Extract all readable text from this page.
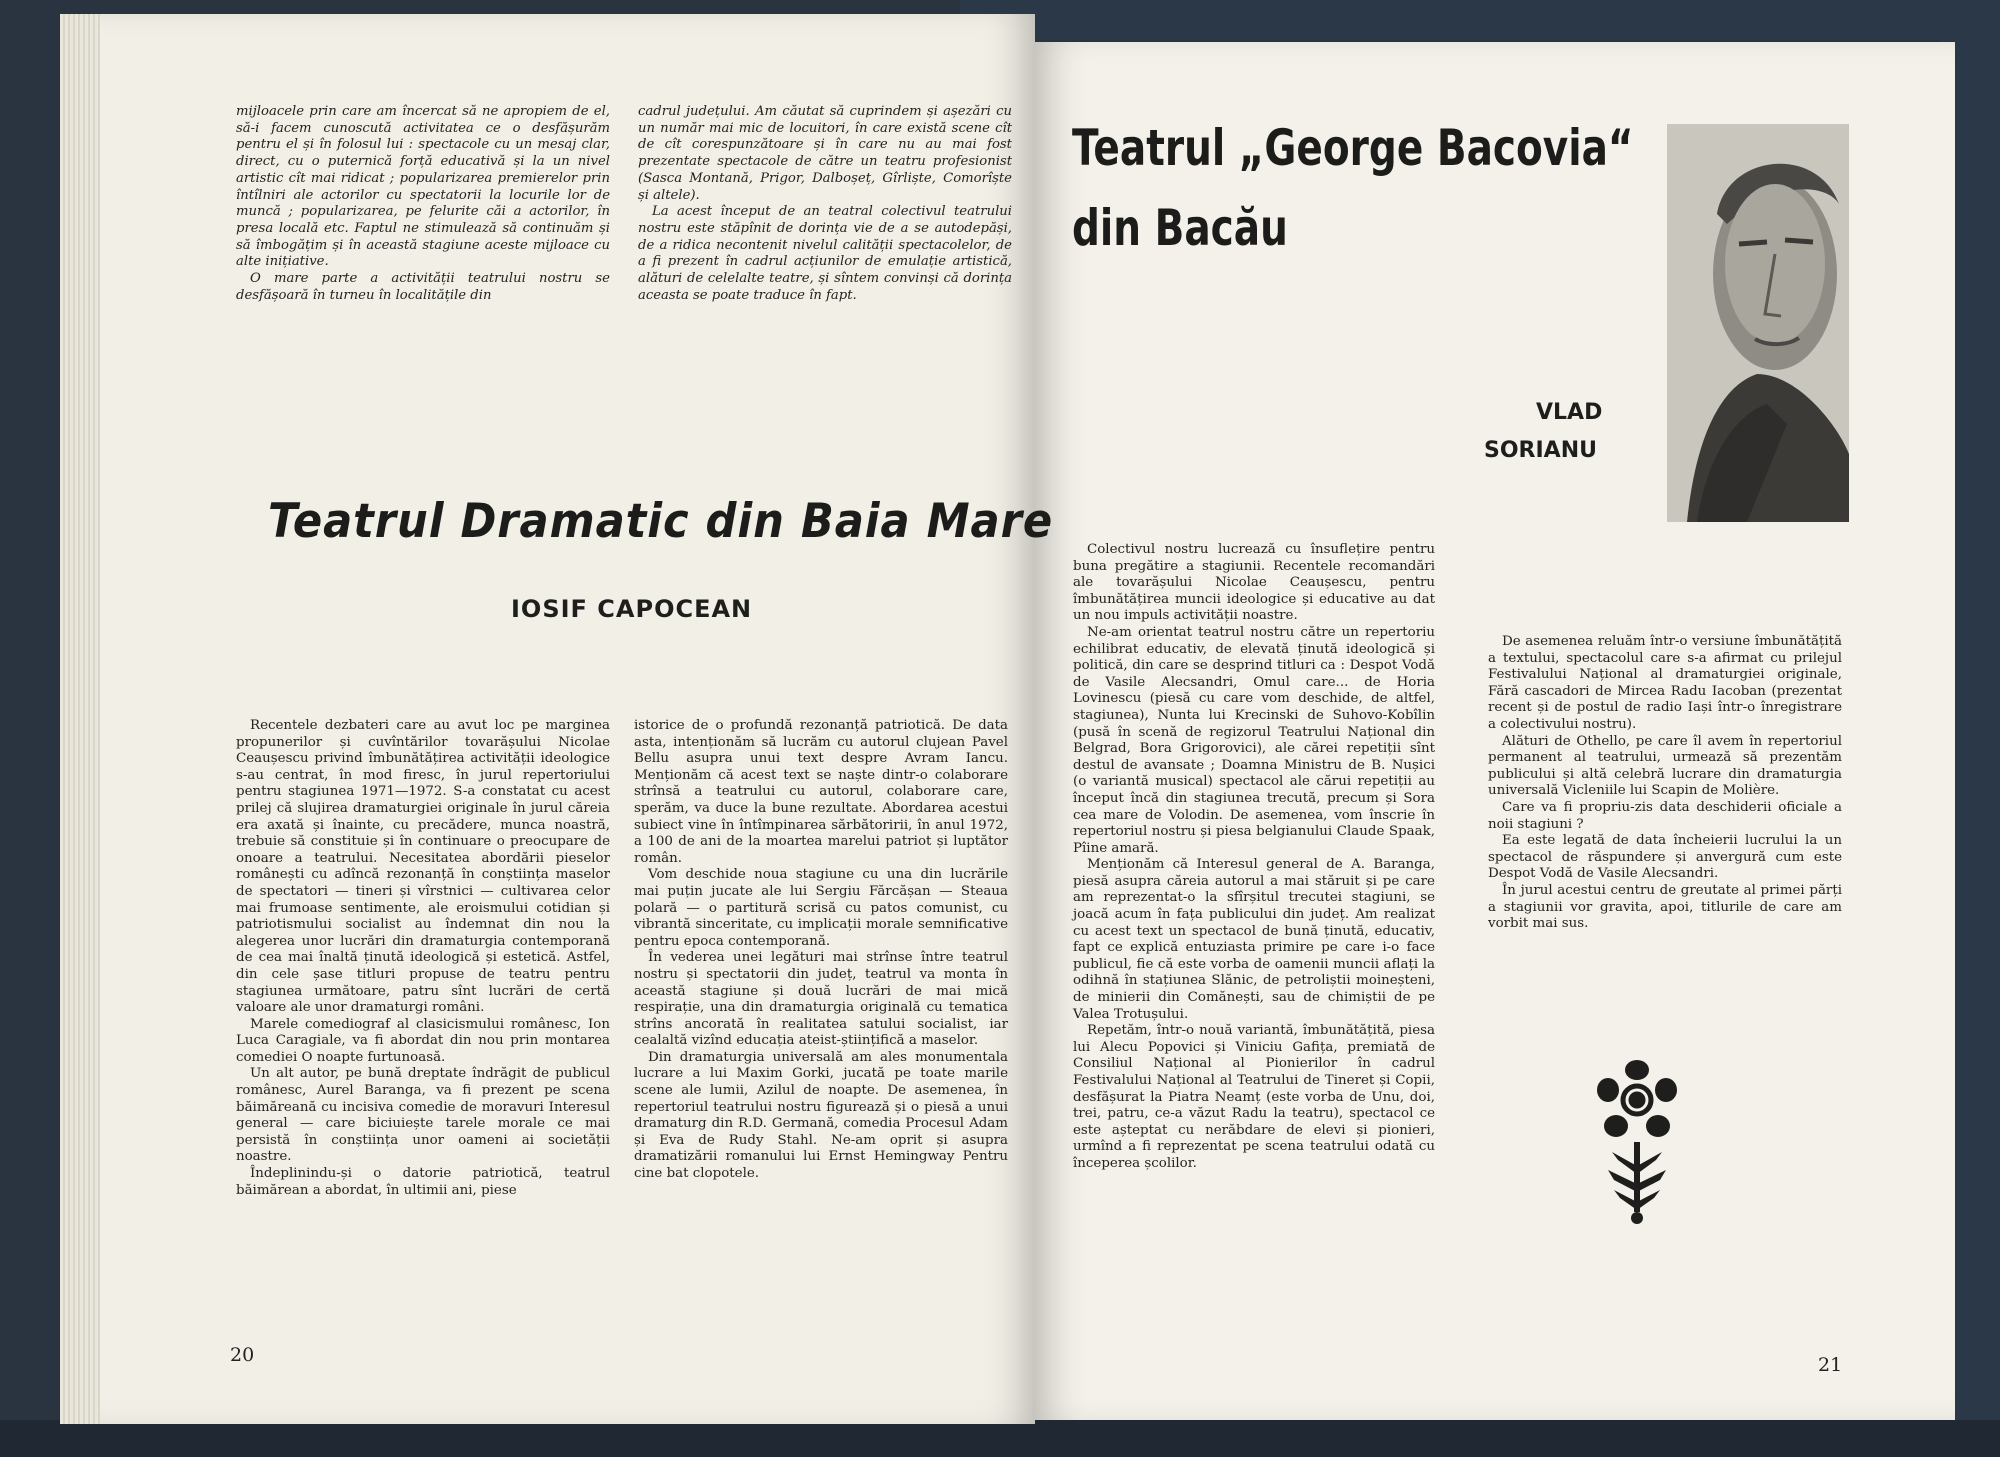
mijloacele prin care am încercat să ne apropiem de el, să-i facem cunoscută activitatea ce o desfășurăm pentru el și în folosul lui : spectacole cu un mesaj clar, direct, cu o puternică forță educativă și la un nivel artistic cît mai ridicat ; popularizarea premierelor prin întîlniri ale actorilor cu spectatorii la locurile lor de muncă ; popularizarea, pe felurite căi a actorilor, în presa locală etc. Faptul ne stimulează să continuăm și să îmbogățim și în această stagiune aceste mijloace cu alte inițiative.

O mare parte a activității teatrului nostru se desfășoară în turneu în localitățile din

cadrul județului. Am căutat să cuprindem și așezări cu un număr mai mic de locuitori, în care există scene cît de cît corespunzătoare și în care nu au mai fost prezentate spectacole de către un teatru profesionist (Sasca Montană, Prigor, Dalboșeț, Gîrliște, Comorîște și altele).

La acest început de an teatral colectivul teatrului nostru este stăpînit de dorința vie de a se autodepăși, de a ridica necontenit nivelul calității spectacolelor, de a fi prezent în cadrul acțiunilor de emulație artistică, alături de celelalte teatre, și sîntem convinși că dorința aceasta se poate traduce în fapt.

Teatrul Dramatic din Baia Mare
IOSIF CAPOCEAN

Recentele dezbateri care au avut loc pe marginea propunerilor și cuvîntărilor tovarășului Nicolae Ceaușescu privind îmbunătățirea activității ideologice s-au centrat, în mod firesc, în jurul repertoriului pentru stagiunea 1971—1972. S-a constatat cu acest prilej că slujirea dramaturgiei originale în jurul căreia era axată și înainte, cu precădere, munca noastră, trebuie să constituie și în continuare o preocupare de onoare a teatrului. Necesitatea abordării pieselor românești cu adîncă rezonanță în conștiința maselor de spectatori — tineri și vîrstnici — cultivarea celor mai frumoase sentimente, ale eroismului cotidian și patriotismului socialist au îndemnat din nou la alegerea unor lucrări din dramaturgia contemporană de cea mai înaltă ținută ideologică și estetică. Astfel, din cele șase titluri propuse de teatru pentru stagiunea următoare, patru sînt lucrări de certă valoare ale unor dramaturgi români.

Marele comediograf al clasicismului românesc, Ion Luca Caragiale, va fi abordat din nou prin montarea comediei O noapte furtunoasă.

Un alt autor, pe bună dreptate îndrăgit de publicul românesc, Aurel Baranga, va fi prezent pe scena băimăreană cu incisiva comedie de moravuri Interesul general — care biciuiește tarele morale ce mai persistă în conștiința unor oameni ai societății noastre.

Îndeplinindu-și o datorie patriotică, teatrul băimărean a abordat, în ultimii ani, piese

istorice de o profundă rezonanță patriotică. De data asta, intenționăm să lucrăm cu autorul clujean Pavel Bellu asupra unui text despre Avram Iancu. Menționăm că acest text se naște dintr-o colaborare strînsă a teatrului cu autorul, colaborare care, sperăm, va duce la bune rezultate. Abordarea acestui subiect vine în întîmpinarea sărbătoririi, în anul 1972, a 100 de ani de la moartea marelui patriot și luptător român.

Vom deschide noua stagiune cu una din lucrările mai puțin jucate ale lui Sergiu Fărcășan — Steaua polară — o partitură scrisă cu patos comunist, cu vibrantă sinceritate, cu implicații morale semnificative pentru epoca contemporană.

În vederea unei legături mai strînse între teatrul nostru și spectatorii din județ, teatrul va monta în această stagiune și două lucrări de mai mică respirație, una din dramaturgia originală cu tematica strîns ancorată în realitatea satului socialist, iar cealaltă vizînd educația ateist-științifică a maselor.

Din dramaturgia universală am ales monumentala lucrare a lui Maxim Gorki, jucată pe toate marile scene ale lumii, Azilul de noapte. De asemenea, în repertoriul teatrului nostru figurează și o piesă a unui dramaturg din R.D. Germană, comedia Procesul Adam și Eva de Rudy Stahl. Ne-am oprit și asupra dramatizării romanului lui Ernst Hemingway Pentru cine bat clopotele.

20
Teatrul „George Bacovia“
din Bacău
VLAD
SORIANU

Colectivul nostru lucrează cu însuflețire pentru buna pregătire a stagiunii. Recentele recomandări ale tovarășului Nicolae Ceaușescu, pentru îmbunătățirea muncii ideologice și educative au dat un nou impuls activității noastre.

Ne-am orientat teatrul nostru către un repertoriu echilibrat educativ, de elevată ținută ideologică și politică, din care se desprind titluri ca : Despot Vodă de Vasile Alecsandri, Omul care... de Horia Lovinescu (piesă cu care vom deschide, de altfel, stagiunea), Nunta lui Krecinski de Suhovo-Kobîlin (pusă în scenă de regizorul Teatrului Național din Belgrad, Bora Grigorovici), ale cărei repetiții sînt destul de avansate ; Doamna Ministru de B. Nușici (o variantă musical) spectacol ale cărui repetiții au început încă din stagiunea trecută, precum și Sora cea mare de Volodin. De asemenea, vom înscrie în repertoriul nostru și piesa belgianului Claude Spaak, Pîine amară.

Menționăm că Interesul general de A. Baranga, piesă asupra căreia autorul a mai stăruit și pe care am reprezentat-o la sfîrșitul trecutei stagiuni, se joacă acum în fața publicului din județ. Am realizat cu acest text un spectacol de bună ținută, educativ, fapt ce explică entuziasta primire pe care i-o face publicul, fie că este vorba de oamenii muncii aflați la odihnă în stațiunea Slănic, de petroliștii moineșteni, de minierii din Comănești, sau de chimiștii de pe Valea Trotușului.

Repetăm, într-o nouă variantă, îmbunătățită, piesa lui Alecu Popovici și Viniciu Gafița, premiată de Consiliul Național al Pionierilor în cadrul Festivalului Național al Teatrului de Tineret și Copii, desfășurat la Piatra Neamț (este vorba de Unu, doi, trei, patru, ce-a văzut Radu la teatru), spectacol ce este așteptat cu nerăbdare de elevi și pionieri, urmînd a fi reprezentat pe scena teatrului odată cu începerea școlilor.

De asemenea reluăm într-o versiune îmbunătățită a textului, spectacolul care s-a afirmat cu prilejul Festivalului Național al dramaturgiei originale, Fără cascadori de Mircea Radu Iacoban (prezentat recent și de postul de radio Iași într-o înregistrare a colectivului nostru).

Alături de Othello, pe care îl avem în repertoriul permanent al teatrului, urmează să prezentăm publicului și altă celebră lucrare din dramaturgia universală Vicleniile lui Scapin de Molière.

Care va fi propriu-zis data deschiderii oficiale a noii stagiuni ?

Ea este legată de data încheierii lucrului la un spectacol de răspundere și anvergură cum este Despot Vodă de Vasile Alecsandri.

În jurul acestui centru de greutate al primei părți a stagiunii vor gravita, apoi, titlurile de care am vorbit mai sus.

21
